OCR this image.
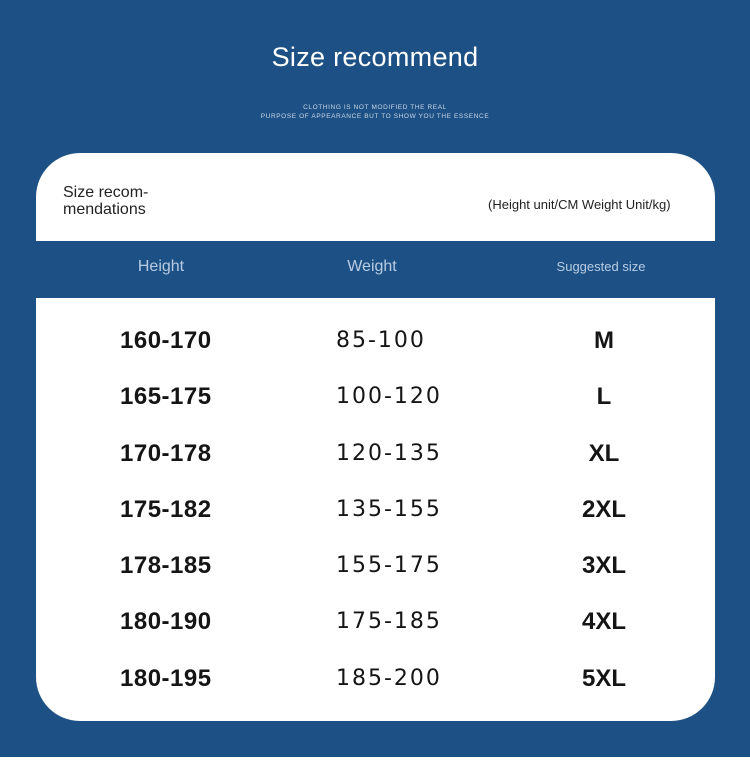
Size recommend
CLOTHING IS NOT MODIFIED THE REAL
PURPOSE OF APPEARANCE BUT TO SHOW YOU THE ESSENCE
Size recom-
mendations	(Height unit/CM Weight Unit/kg)
Height	Weight	Suggested size
160-170	85-100	M
165-175	100-120	L
170-178	120-135	XL
175-182	135-155	2XL
178-185	155-175	3XL
180-190	175-185	4XL
180-195	185-200	5XL
